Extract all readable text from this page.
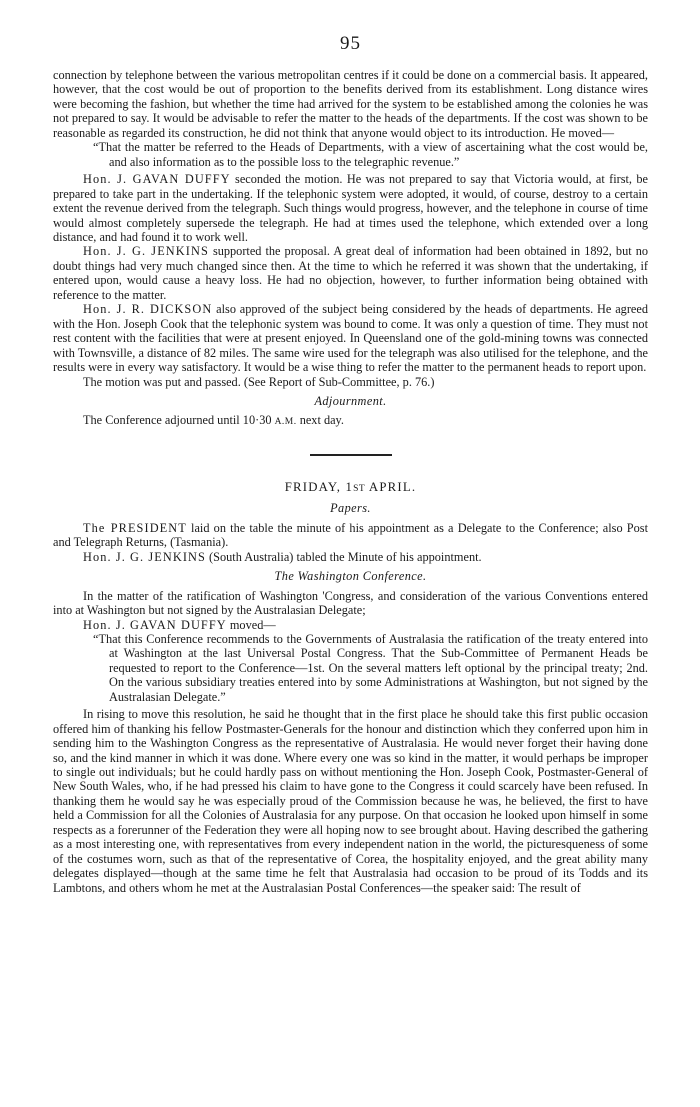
95

connection by telephone between the various metropolitan centres if it could be done on a commercial basis. It appeared, however, that the cost would be out of proportion to the benefits derived from its establishment. Long distance wires were becoming the fashion, but whether the time had arrived for the system to be established among the colonies he was not prepared to say. It would be advisable to refer the matter to the heads of the departments. If the cost was shown to be reasonable as regarded its construction, he did not think that anyone would object to its introduction. He moved—

“That the matter be referred to the Heads of Departments, with a view of ascertaining what the cost would be, and also information as to the possible loss to the telegraphic revenue.”

Hon. J. GAVAN DUFFY seconded the motion. He was not prepared to say that Victoria would, at first, be prepared to take part in the undertaking. If the telephonic system were adopted, it would, of course, destroy to a certain extent the revenue derived from the telegraph. Such things would progress, however, and the telephone in course of time would almost completely supersede the telegraph. He had at times used the telephone, which extended over a long distance, and had found it to work well.

Hon. J. G. JENKINS supported the proposal. A great deal of information had been obtained in 1892, but no doubt things had very much changed since then. At the time to which he referred it was shown that the undertaking, if entered upon, would cause a heavy loss. He had no objection, however, to further information being obtained with reference to the matter.

Hon. J. R. DICKSON also approved of the subject being considered by the heads of departments. He agreed with the Hon. Joseph Cook that the telephonic system was bound to come. It was only a question of time. They must not rest content with the facilities that were at present enjoyed. In Queensland one of the gold-mining towns was connected with Townsville, a distance of 82 miles. The same wire used for the telegraph was also utilised for the telephone, and the results were in every way satisfactory. It would be a wise thing to refer the matter to the permanent heads to report upon.

The motion was put and passed. (See Report of Sub-Committee, p. 76.)

Adjournment.

The Conference adjourned until 10·30 A.M. next day.

FRIDAY, 1ST APRIL.
Papers.

The PRESIDENT laid on the table the minute of his appointment as a Delegate to the Conference; also Post and Telegraph Returns, (Tasmania).

Hon. J. G. JENKINS (South Australia) tabled the Minute of his appointment.

The Washington Conference.

In the matter of the ratification of Washington 'Congress, and consideration of the various Conventions entered into at Washington but not signed by the Australasian Delegate;

Hon. J. GAVAN DUFFY moved—

“That this Conference recommends to the Governments of Australasia the ratification of the treaty entered into at Washington at the last Universal Postal Congress. That the Sub-Committee of Permanent Heads be requested to report to the Conference—1st. On the several matters left optional by the principal treaty; 2nd. On the various subsidiary treaties entered into by some Administrations at Washington, but not signed by the Australasian Delegate.”

In rising to move this resolution, he said he thought that in the first place he should take this first public occasion offered him of thanking his fellow Postmaster-Generals for the honour and distinction which they conferred upon him in sending him to the Washington Congress as the representative of Australasia. He would never forget their having done so, and the kind manner in which it was done. Where every one was so kind in the matter, it would perhaps be improper to single out individuals; but he could hardly pass on without mentioning the Hon. Joseph Cook, Postmaster-General of New South Wales, who, if he had pressed his claim to have gone to the Congress it could scarcely have been refused. In thanking them he would say he was especially proud of the Commission because he was, he believed, the first to have held a Commission for all the Colonies of Australasia for any purpose. On that occasion he looked upon himself in some respects as a forerunner of the Federation they were all hoping now to see brought about. Having described the gathering as a most interesting one, with representatives from every independent nation in the world, the picturesqueness of some of the costumes worn, such as that of the representative of Corea, the hospitality enjoyed, and the great ability many delegates displayed—though at the same time he felt that Australasia had occasion to be proud of its Todds and its Lambtons, and others whom he met at the Australasian Postal Conferences—the speaker said: The result of
